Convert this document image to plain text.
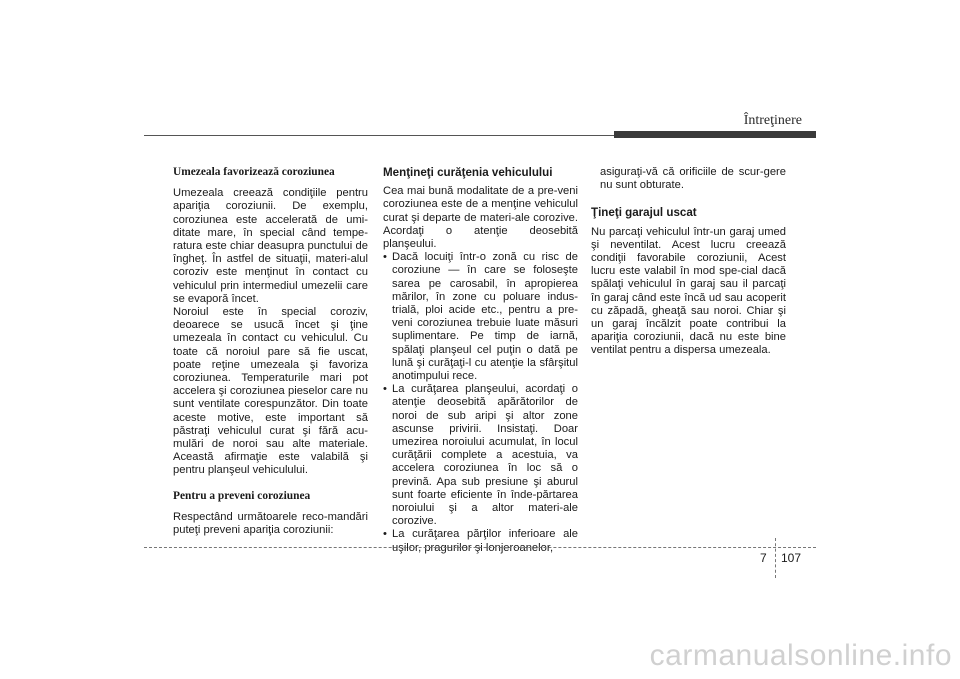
Întreţinere
Umezeala favorizează coroziunea

Umezeala creează condiţiile pentru apariţia coroziunii. De exemplu, coroziunea este accelerată de umi-ditate mare, în special când tempe-ratura este chiar deasupra punctului de îngheţ. În astfel de situaţii, materi-alul coroziv este menţinut în contact cu vehiculul prin intermediul umezelii care se evaporă încet.

Noroiul este în special coroziv, deoarece se usucă încet şi ţine umezeala în contact cu vehiculul. Cu toate că noroiul pare să fie uscat, poate reţine umezeala şi favoriza coroziunea. Temperaturile mari pot accelera şi coroziunea pieselor care nu sunt ventilate corespunzător. Din toate aceste motive, este important să păstraţi vehiculul curat şi fără acu-mulări de noroi sau alte materiale. Această afirmaţie este valabilă şi pentru planşeul vehiculului.

Pentru a preveni coroziunea

Respectând următoarele reco-mandări puteţi preveni apariţia coroziunii:

Menţineţi curăţenia vehiculului

Cea mai bună modalitate de a pre-veni coroziunea este de a menţine vehiculul curat şi departe de materi-ale corozive. Acordaţi o atenţie deosebită planşeului.

• Dacă locuiţi într-o zonă cu risc de coroziune — în care se foloseşte sarea pe carosabil, în apropierea mărilor, în zone cu poluare indus-trială, ploi acide etc., pentru a pre-veni coroziunea trebuie luate măsuri suplimentare. Pe timp de iarnă, spălaţi planşeul cel puţin o dată pe lună şi curăţaţi-l cu atenţie la sfârşitul anotimpului rece.
• La curăţarea planşeului, acordaţi o atenţie deosebită apărătorilor de noroi de sub aripi şi altor zone ascunse privirii. Insistaţi. Doar umezirea noroiului acumulat, în locul curăţării complete a acestuia, va accelera coroziunea în loc să o prevină. Apa sub presiune şi aburul sunt foarte eficiente în înde-părtarea noroiului şi a altor materi-ale corozive.
• La curăţarea părţilor inferioare ale uşilor, pragurilor şi lonjeroanelor,
asiguraţi-vă că orificiile de scur-gere nu sunt obturate.
Ţineţi garajul uscat

Nu parcaţi vehiculul într-un garaj umed şi neventilat. Acest lucru creează condiţii favorabile coroziunii, Acest lucru este valabil în mod spe-cial dacă spălaţi vehiculul în garaj sau il parcaţi în garaj când este încă ud sau acoperit cu zăpadă, gheaţă sau noroi. Chiar şi un garaj încălzit poate contribui la apariţia coroziunii, dacă nu este bine ventilat pentru a dispersa umezeala.

7 107
carmanualsonline.info
